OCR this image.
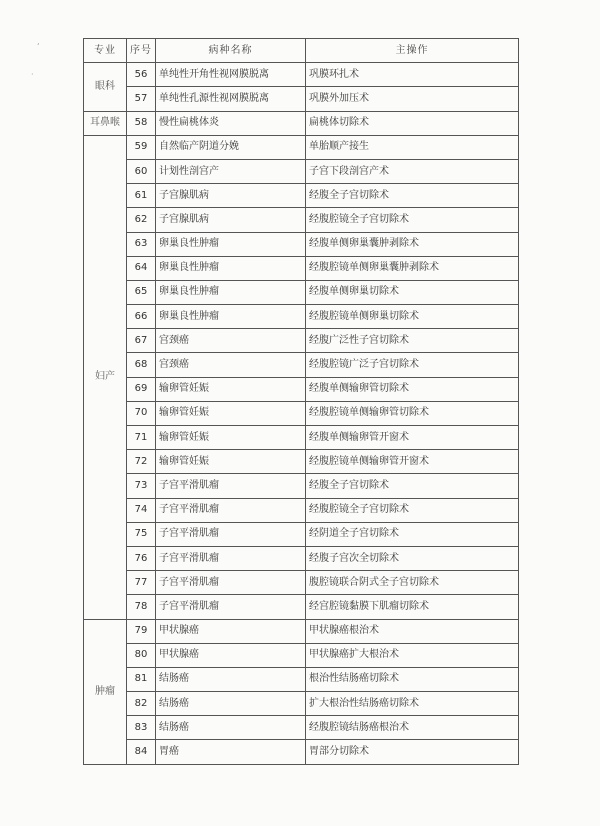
‘
·
专业	序号	病种名称	主操作
眼科	56	单纯性开角性视网膜脱离	巩膜环扎术
	57	单纯性孔源性视网膜脱离	巩膜外加压术
耳鼻喉	58	慢性扁桃体炎	扁桃体切除术
妇产	59	自然临产阴道分娩	单胎顺产接生
	60	计划性剖宫产	子宫下段剖宫产术
	61	子宫腺肌病	经腹全子宫切除术
	62	子宫腺肌病	经腹腔镜全子宫切除术
	63	卵巢良性肿瘤	经腹单侧卵巢囊肿剥除术
	64	卵巢良性肿瘤	经腹腔镜单侧卵巢囊肿剥除术
	65	卵巢良性肿瘤	经腹单侧卵巢切除术
	66	卵巢良性肿瘤	经腹腔镜单侧卵巢切除术
	67	宫颈癌	经腹广泛性子宫切除术
	68	宫颈癌	经腹腔镜广泛子宫切除术
	69	输卵管妊娠	经腹单侧输卵管切除术
	70	输卵管妊娠	经腹腔镜单侧输卵管切除术
	71	输卵管妊娠	经腹单侧输卵管开窗术
	72	输卵管妊娠	经腹腔镜单侧输卵管开窗术
	73	子宫平滑肌瘤	经腹全子宫切除术
	74	子宫平滑肌瘤	经腹腔镜全子宫切除术
	75	子宫平滑肌瘤	经阴道全子宫切除术
	76	子宫平滑肌瘤	经腹子宫次全切除术
	77	子宫平滑肌瘤	腹腔镜联合阴式全子宫切除术
	78	子宫平滑肌瘤	经宫腔镜黏膜下肌瘤切除术
肿瘤	79	甲状腺癌	甲状腺癌根治术
	80	甲状腺癌	甲状腺癌扩大根治术
	81	结肠癌	根治性结肠癌切除术
	82	结肠癌	扩大根治性结肠癌切除术
	83	结肠癌	经腹腔镜结肠癌根治术
	84	胃癌	胃部分切除术
